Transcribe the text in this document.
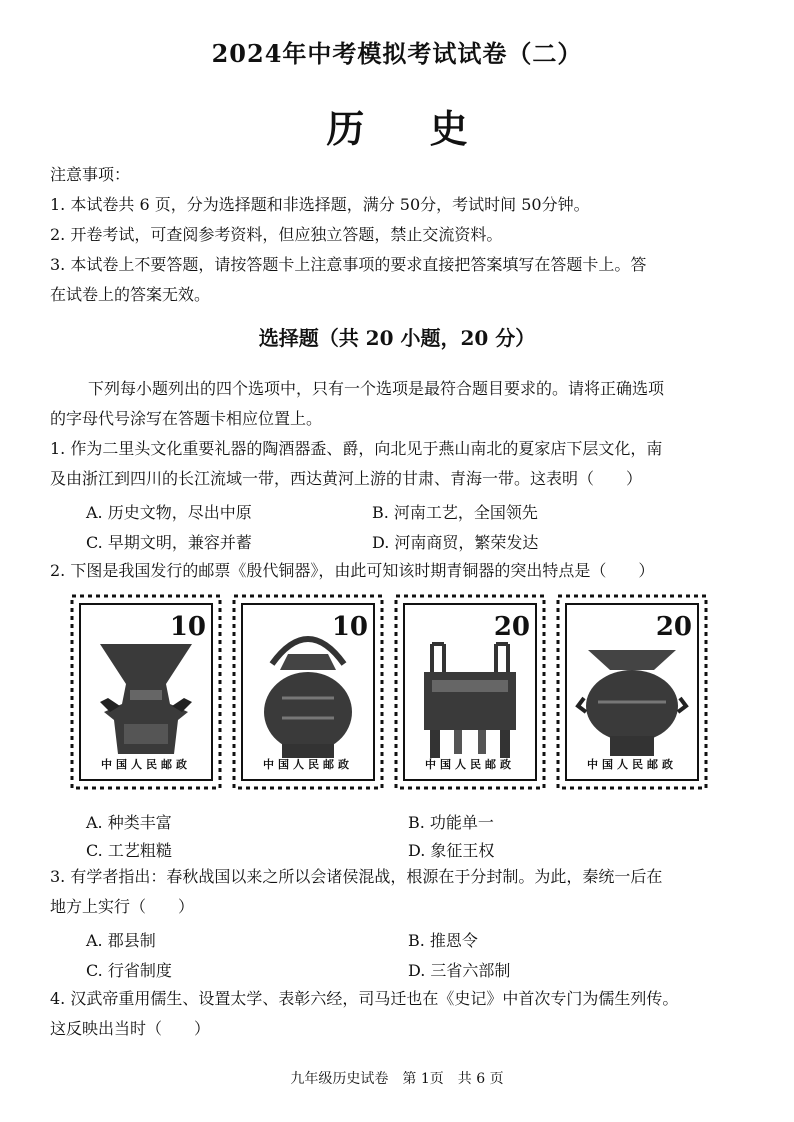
2024年中考模拟考试试卷（二）
历 史
注意事项：
1. 本试卷共 6 页，分为选择题和非选择题，满分 50分，考试时间 50分钟。
2. 开卷考试，可查阅参考资料，但应独立答题，禁止交流资料。
3. 本试卷上不要答题，请按答题卡上注意事项的要求直接把答案填写在答题卡上。答
在试卷上的答案无效。
选择题（共 20 小题，20 分）
下列每小题列出的四个选项中，只有一个选项是最符合题目要求的。请将正确选项
的字母代号涂写在答题卡相应位置上。
1. 作为二里头文化重要礼器的陶酒器盉、爵，向北见于燕山南北的夏家店下层文化，南
及由浙江到四川的长江流域一带，西达黄河上游的甘肃、青海一带。这表明（　　）
A. 历史文物，尽出中原	B. 河南工艺，全国领先
C. 早期文明，兼容并蓄	D. 河南商贸，繁荣发达
2. 下图是我国发行的邮票《殷代铜器》，由此可知该时期青铜器的突出特点是（　　）
10
中国人民邮政
10
中国人民邮政
20
中国人民邮政
20
中国人民邮政
A. 种类丰富	B. 功能单一
C. 工艺粗糙	D. 象征王权
3. 有学者指出：春秋战国以来之所以会诸侯混战，根源在于分封制。为此，秦统一后在
地方上实行（　　）
A. 郡县制	B. 推恩令
C. 行省制度	D. 三省六部制
4. 汉武帝重用儒生、设置太学、表彰六经，司马迁也在《史记》中首次专门为儒生列传。
这反映出当时（　　）
九年级历史试卷　第 1页　共 6 页
